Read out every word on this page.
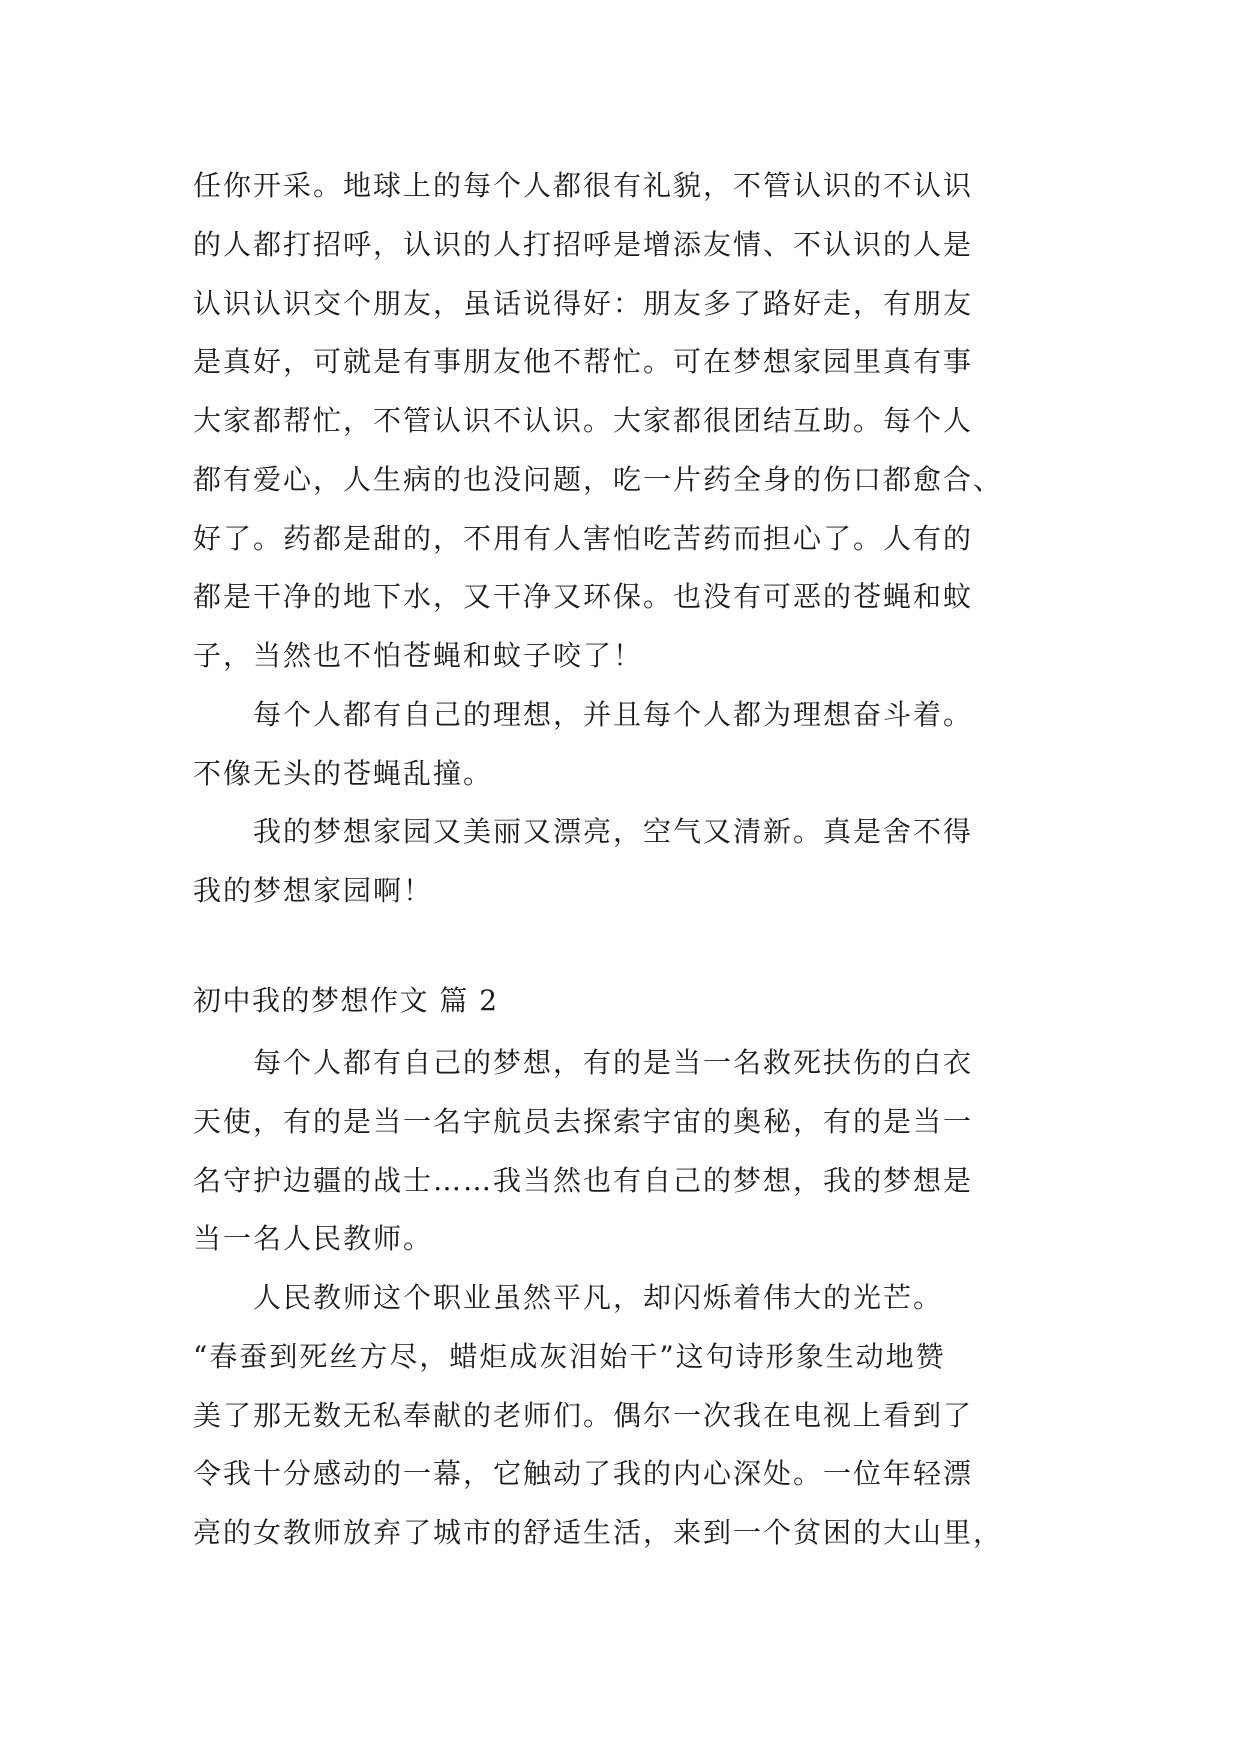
任你开采。地球上的每个人都很有礼貌，不管认识的不认识
的人都打招呼，认识的人打招呼是增添友情、不认识的人是
认识认识交个朋友，虽话说得好：朋友多了路好走，有朋友
是真好，可就是有事朋友他不帮忙。可在梦想家园里真有事
大家都帮忙，不管认识不认识。大家都很团结互助。每个人
都有爱心，人生病的也没问题，吃一片药全身的伤口都愈合、
好了。药都是甜的，不用有人害怕吃苦药而担心了。人有的
都是干净的地下水，又干净又环保。也没有可恶的苍蝇和蚊
子，当然也不怕苍蝇和蚊子咬了！
每个人都有自己的理想，并且每个人都为理想奋斗着。
不像无头的苍蝇乱撞。
我的梦想家园又美丽又漂亮，空气又清新。真是舍不得
我的梦想家园啊！
初中我的梦想作文 篇 2
每个人都有自己的梦想，有的是当一名救死扶伤的白衣
天使，有的是当一名宇航员去探索宇宙的奥秘，有的是当一
名守护边疆的战士……我当然也有自己的梦想，我的梦想是
当一名人民教师。
人民教师这个职业虽然平凡，却闪烁着伟大的光芒。
“春蚕到死丝方尽，蜡炬成灰泪始干”这句诗形象生动地赞
美了那无数无私奉献的老师们。偶尔一次我在电视上看到了
令我十分感动的一幕，它触动了我的内心深处。一位年轻漂
亮的女教师放弃了城市的舒适生活，来到一个贫困的大山里，
